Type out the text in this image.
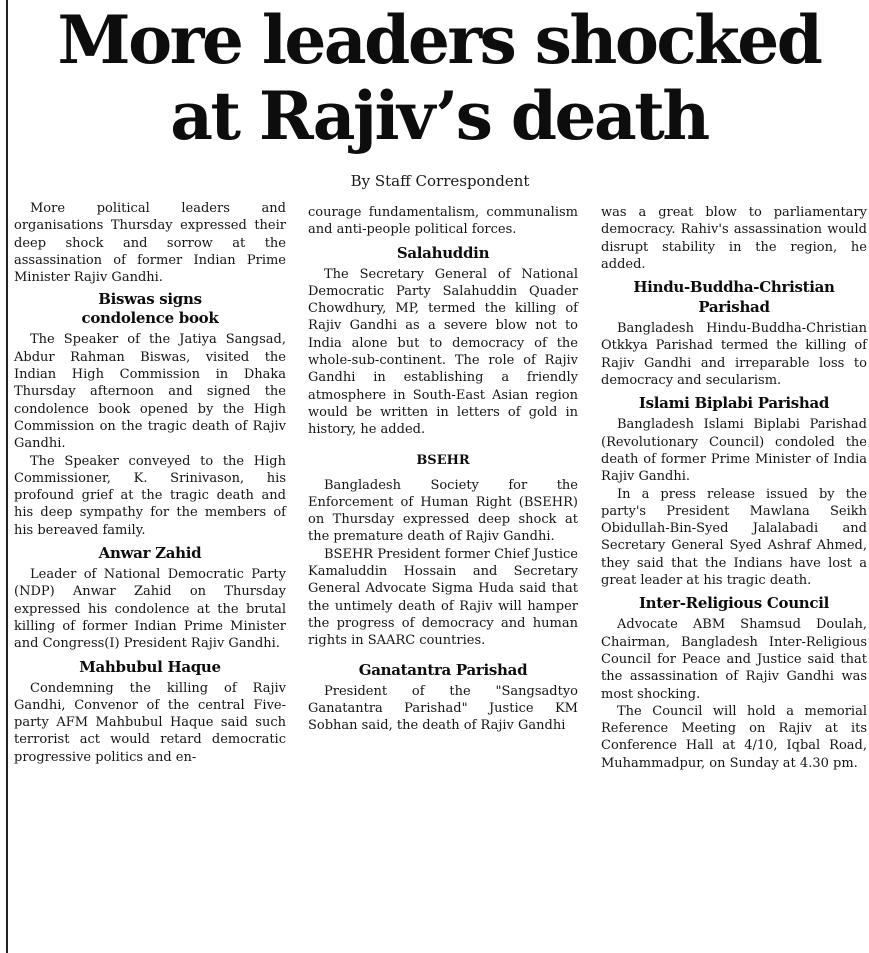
More leaders shocked
at Rajiv’s death
By Staff Correspondent

More political leaders and organisations Thursday expressed their deep shock and sorrow at the assassination of former Indian Prime Minister Rajiv Gandhi.

Biswas signs condolence book

The Speaker of the Jatiya Sangsad, Abdur Rahman Biswas, visited the Indian High Commission in Dhaka Thursday afternoon and signed the condolence book opened by the High Commission on the tragic death of Rajiv Gandhi.

The Speaker conveyed to the High Commissioner, K. Srinivason, his profound grief at the tragic death and his deep sympathy for the members of his bereaved family.

Anwar Zahid

Leader of National Democratic Party (NDP) Anwar Zahid on Thursday expressed his condolence at the brutal killing of former Indian Prime Minister and Congress(I) President Rajiv Gandhi.

Mahbubul Haque

Condemning the killing of Rajiv Gandhi, Convenor of the central Five-party AFM Mahbubul Haque said such terrorist act would retard democratic progressive politics and en-

courage fundamentalism, communalism and anti-people political forces.

Salahuddin

The Secretary General of National Democratic Party Salahuddin Quader Chowdhury, MP, termed the killing of Rajiv Gandhi as a severe blow not to India alone but to democracy of the whole-sub-continent. The role of Rajiv Gandhi in establishing a friendly atmosphere in South-East Asian region would be written in letters of gold in history, he added.

BSEHR

Bangladesh Society for the Enforcement of Human Right (BSEHR) on Thursday expressed deep shock at the premature death of Rajiv Gandhi.

BSEHR President former Chief Justice Kamaluddin Hossain and Secretary General Advocate Sigma Huda said that the untimely death of Rajiv will hamper the progress of democracy and human rights in SAARC countries.

Ganatantra Parishad

President of the "Sangsadtyo Ganatantra Parishad" Justice KM Sobhan said, the death of Rajiv Gandhi

was a great blow to parliamentary democracy. Rahiv's assassination would disrupt stability in the region, he added.

Hindu-Buddha-Christian Parishad

Bangladesh Hindu-Buddha-Christian Otkkya Parishad termed the killing of Rajiv Gandhi and irreparable loss to democracy and secularism.

Islami Biplabi Parishad

Bangladesh Islami Biplabi Parishad (Revolutionary Council) condoled the death of former Prime Minister of India Rajiv Gandhi.

In a press release issued by the party's President Mawlana Seikh Obidullah-Bin-Syed Jalalabadi and Secretary General Syed Ashraf Ahmed, they said that the Indians have lost a great leader at his tragic death.

Inter-Religious Council

Advocate ABM Shamsud Doulah, Chairman, Bangladesh Inter-Religious Council for Peace and Justice said that the assassination of Rajiv Gandhi was most shocking.

The Council will hold a memorial Reference Meeting on Rajiv at its Conference Hall at 4/10, Iqbal Road, Muhammadpur, on Sunday at 4.30 pm.
